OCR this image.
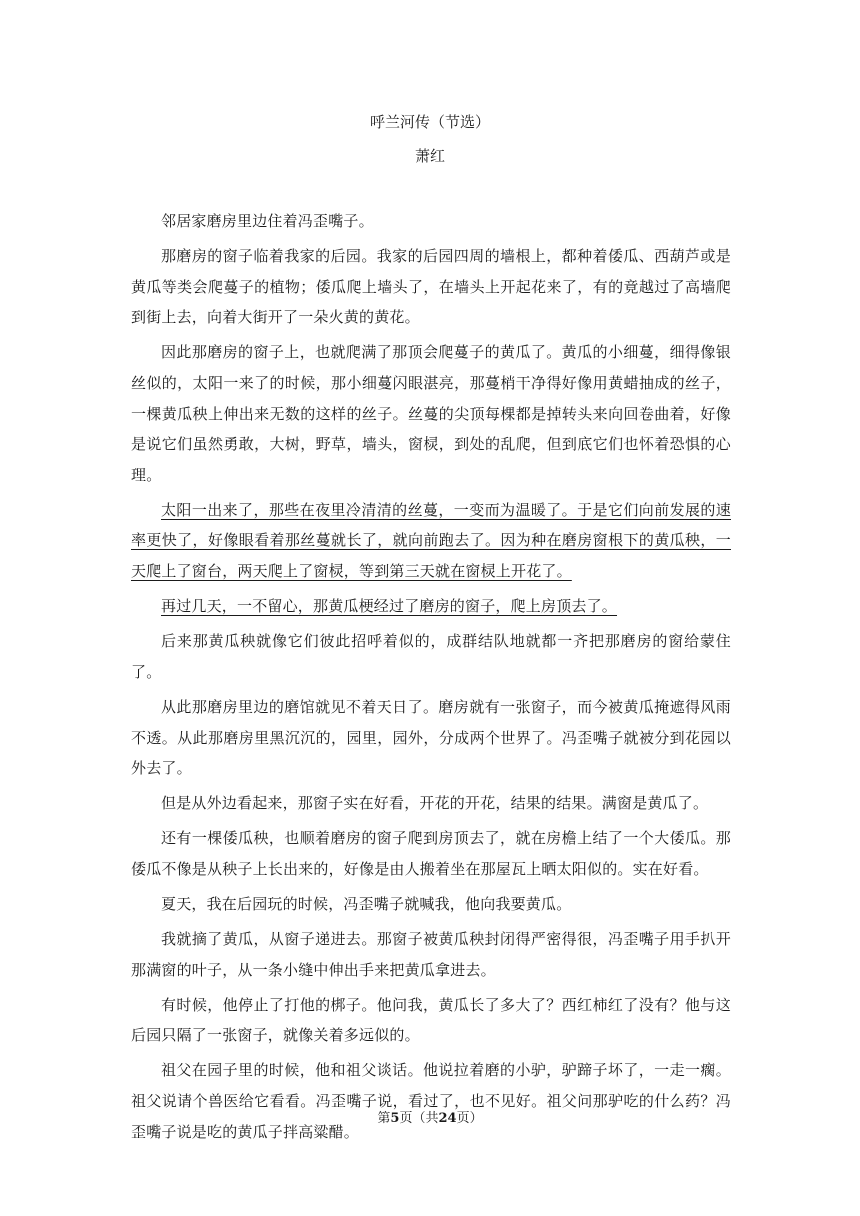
呼兰河传（节选）
萧红

邻居家磨房里边住着冯歪嘴子。

那磨房的窗子临着我家的后园。我家的后园四周的墙根上，都种着倭瓜、西葫芦或是黄瓜等类会爬蔓子的植物；倭瓜爬上墙头了，在墙头上开起花来了，有的竟越过了高墙爬到街上去，向着大街开了一朵火黄的黄花。

因此那磨房的窗子上，也就爬满了那顶会爬蔓子的黄瓜了。黄瓜的小细蔓，细得像银丝似的，太阳一来了的时候，那小细蔓闪眼湛亮，那蔓梢干净得好像用黄蜡抽成的丝子，一棵黄瓜秧上伸出来无数的这样的丝子。丝蔓的尖顶每棵都是掉转头来向回卷曲着，好像是说它们虽然勇敢，大树，野草，墙头，窗棂，到处的乱爬，但到底它们也怀着恐惧的心理。

太阳一出来了，那些在夜里冷清清的丝蔓，一变而为温暖了。于是它们向前发展的速率更快了，好像眼看着那丝蔓就长了，就向前跑去了。因为种在磨房窗根下的黄瓜秧，一天爬上了窗台，两天爬上了窗棂，等到第三天就在窗棂上开花了。

再过几天，一不留心，那黄瓜梗经过了磨房的窗子，爬上房顶去了。

后来那黄瓜秧就像它们彼此招呼着似的，成群结队地就都一齐把那磨房的窗给蒙住了。

从此那磨房里边的磨馆就见不着天日了。磨房就有一张窗子，而今被黄瓜掩遮得风雨不透。从此那磨房里黑沉沉的，园里，园外，分成两个世界了。冯歪嘴子就被分到花园以外去了。

但是从外边看起来，那窗子实在好看，开花的开花，结果的结果。满窗是黄瓜了。

还有一棵倭瓜秧，也顺着磨房的窗子爬到房顶去了，就在房檐上结了一个大倭瓜。那倭瓜不像是从秧子上长出来的，好像是由人搬着坐在那屋瓦上晒太阳似的。实在好看。

夏天，我在后园玩的时候，冯歪嘴子就喊我，他向我要黄瓜。

我就摘了黄瓜，从窗子递进去。那窗子被黄瓜秧封闭得严密得很，冯歪嘴子用手扒开那满窗的叶子，从一条小缝中伸出手来把黄瓜拿进去。

有时候，他停止了打他的梆子。他问我，黄瓜长了多大了？西红柿红了没有？他与这后园只隔了一张窗子，就像关着多远似的。

祖父在园子里的时候，他和祖父谈话。他说拉着磨的小驴，驴蹄子坏了，一走一瘸。祖父说请个兽医给它看看。冯歪嘴子说，看过了，也不见好。祖父问那驴吃的什么药？冯歪嘴子说是吃的黄瓜子拌高粱醋。

第5页（共24页）
